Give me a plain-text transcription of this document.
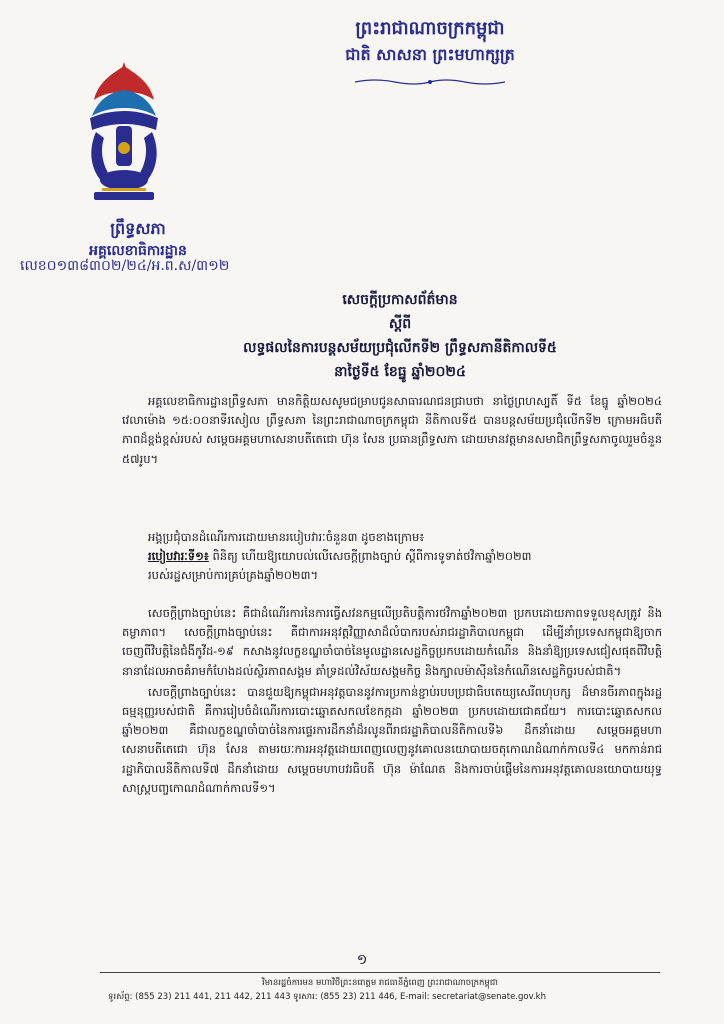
ព្រះរាជាណាចក្រកម្ពុជា
ជាតិ សាសនា ព្រះមហាក្សត្រ
ព្រឹទ្ធសភា
អគ្គលេខាធិការដ្ឋាន
លេខ០១៣៨៣០២/២៤/អ.ព.ស/៣១២
សេចក្តីប្រកាសព័ត៌មាន
ស្តីពី
លទ្ធផលនៃការបន្តសម័យប្រជុំលើកទី២ ព្រឹទ្ធសភានីតិកាលទី៥
នាថ្ងៃទី៥ ខែធ្នូ ឆ្នាំ២០២៤

អគ្គលេខាធិការដ្ឋានព្រឹទ្ធសភា មានកិត្តិយសសូមជម្រាបជូនសាធារណជនជ្រាបថា នាថ្ងៃព្រហស្បតិ៍ ទី៥ ខែធ្នូ ឆ្នាំ២០២៤ វេលាម៉ោង ១៥:០០នាទីរសៀល ព្រឹទ្ធសភា នៃព្រះរាជាណាចក្រកម្ពុជា នីតិកាលទី៥ បានបន្តសម័យប្រជុំលើកទី២ ក្រោមអធិបតីភាពដ៏ខ្ពង់ខ្ពស់របស់ សម្តេចអគ្គមហាសេនាបតីតេជោ ហ៊ុន សែន ប្រធានព្រឹទ្ធសភា ដោយមានវត្តមានសមាជិកព្រឹទ្ធសភាចូលរួមចំនួន ៥៧រូប។

អង្គប្រជុំបានដំណើរការដោយមានរបៀបវារៈចំនួន៣ ដូចខាងក្រោម៖

របៀបវារៈទី១៖ ពិនិត្យ ហើយឱ្យយោបល់លើសេចក្តីព្រាងច្បាប់ ស្តីពីការទូទាត់ថវិកាឆ្នាំ២០២៣

របស់រដ្ឋសម្រាប់ការគ្រប់គ្រងឆ្នាំ២០២៣។

សេចក្តីព្រាងច្បាប់នេះ គឺជាដំណើរការនៃការធ្វើសវនកម្មលើប្រតិបត្តិការថវិកាឆ្នាំ២០២៣ ប្រកបដោយភាពទទួលខុសត្រូវ និងតម្លាភាព។ សេចក្តីព្រាងច្បាប់នេះ គឺជាការអនុវត្តវិញ្ញាសាដ៏លំបាករបស់រាជរដ្ឋាភិបាលកម្ពុជា ដើម្បីនាំប្រទេសកម្ពុជាឱ្យចាកចេញពីវិបត្តិនៃជំងឺកូវីដ-១៩ កសាងនូវលក្ខខណ្ឌចាំបាច់នៃមូលដ្ឋានសេដ្ឋកិច្ចប្រកបដោយកំណើន និងនាំឱ្យប្រទេសជៀសផុតពីវិបត្តិនានាដែលអាចគំរាមកំហែងដល់ស្ថិរភាពសង្គម គាំទ្រដល់វិស័យសង្គមកិច្ច និងក្បាលម៉ាស៊ីននៃកំណើនសេដ្ឋកិច្ចរបស់ជាតិ។

សេចក្តីព្រាងច្បាប់នេះ បានជួយឱ្យកម្ពុជាអនុវត្តបាននូវការប្រកាន់ខ្ជាប់របបប្រជាធិបតេយ្យសេរីពហុបក្ស ដ៏មានចីរភាពក្នុងរដ្ឋធម្មនុញ្ញរបស់ជាតិ គឺការរៀបចំដំណើរការបោះឆ្នោតសកលខែកក្កដា ឆ្នាំ២០២៣ ប្រកបដោយជោគជ័យ។ ការបោះឆ្នោតសកលឆ្នាំ២០២៣ គឺជាលក្ខខណ្ឌចាំបាច់នៃការផ្ទេរការដឹកនាំដ៏រលូនពីរាជរដ្ឋាភិបាលនីតិកាលទី៦ ដឹកនាំដោយ សម្តេចអគ្គមហាសេនាបតីតេជោ ហ៊ុន សែន តាមរយៈការអនុវត្តដោយពេញលេញនូវគោលនយោបាយចតុកោណដំណាក់កាលទី៤ មកកាន់រាជរដ្ឋាភិបាលនីតិកាលទី៧ ដឹកនាំដោយ សម្តេចមហាបវរធិបតី ហ៊ុន ម៉ាណែត និងការចាប់ផ្តើមនៃការអនុវត្តគោលនយោបាយយុទ្ធសាស្ត្របញ្ចកោណដំណាក់កាលទី១។

១
វិមានរដ្ឋចំការមន មហាវិថីព្រះនរោត្តម រាជធានីភ្នំពេញ ព្រះរាជាណាចក្រកម្ពុជា
ទូរស័ព្ទ: (855 23) 211 441, 211 442, 211 443 ទូរសារ: (855 23) 211 446, E-mail: secretariat@senate.gov.kh
